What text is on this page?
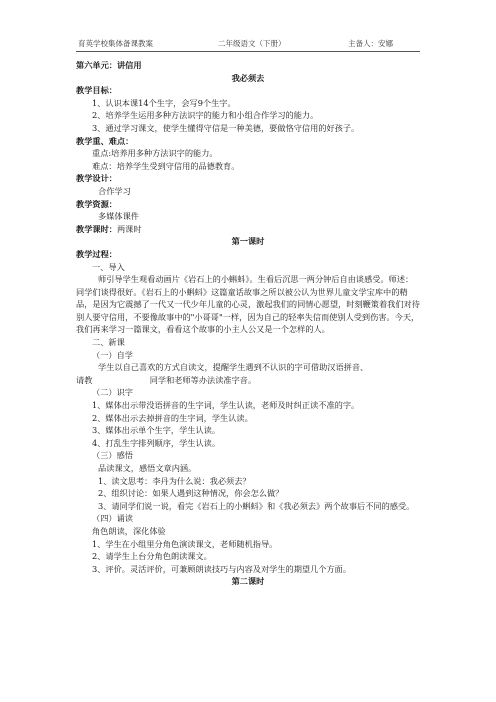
育英学校集体备课教案	二年级语文（下册）	主备人：安娜
第六单元：讲信用
我必须去
教学目标：
1、认识本课14个生字，会写9个生字。
2、培养学生运用多种方法识字的能力和小组合作学习的能力。
3、通过学习课文，使学生懂得守信是一种美德，要做恪守信用的好孩子。
教学重、难点：
重点:培养用多种方法识字的能力。
难点：培养学生受到守信用的品德教育。
教学设计：
合作学习
教学资源：
多媒体课件
教学课时：两课时
第一课时
教学过程：
一、导入
师引导学生观看动画片《岩石上的小蝌蚪》。生看后沉思一两分钟后自由谈感受。师述：同学们谈得很好。《岩石上的小蝌蚪》这篇童话故事之所以被公认为世界儿童文学宝库中的精品，是因为它震撼了一代又一代少年儿童的心灵，激起我们的同情心愿望，时刻鞭策着我们对待别人要守信用，不要像故事中的"小哥哥"一样，因为自己的轻率失信而使别人受到伤害。今天，我们再来学习一篇课文，看看这个故事的小主人公又是一个怎样的人。
二、新课
（一）自学
学生以自己喜欢的方式自读文，提醒学生遇到不认识的字可借助汉语拼音、
请教　　　　　　　同学和老师等办法读准字音。
（二）识字
1、媒体出示带没语拼音的生字词，学生认读，老师及时纠正读不准的字。
2、媒体出示去掉拼音的生字词，学生认读。
3、媒体出示单个生字，学生认读。
4、打乱生字排列顺序，学生认读。
（三）感悟
品读课文，感悟文章内涵。
1、读文思考：李丹为什么说：我必须去？
2、组织讨论：如果人遇到这种情况，你会怎么做？
3、请同学们说一说，看完《岩石上的小蝌蚪》和《我必须去》两个故事后不同的感受。
（四）诵读
角色朗读，深化体验
1、学生在小组里分角色演读课文，老师随机指导。
2、请学生上台分角色朗读课文。
3、评价。灵活评价，可兼顾朗读技巧与内容及对学生的期望几个方面。
第二课时
